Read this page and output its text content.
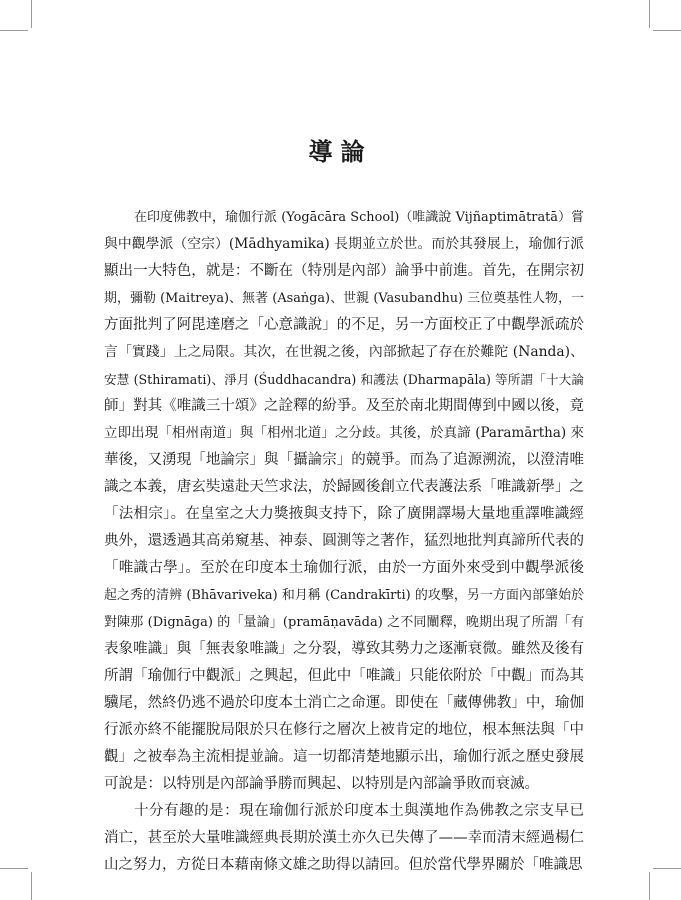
導論
在印度佛教中，瑜伽行派 (Yogācāra School)（唯識說 Vijñaptimātratā）嘗
與中觀學派（空宗）(Mādhyamika) 長期並立於世。而於其發展上，瑜伽行派
顯出一大特色，就是：不斷在（特別是內部）論爭中前進。首先，在開宗初
期，彌勒 (Maitreya)、無著 (Asaṅga)、世親 (Vasubandhu) 三位奠基性人物，一
方面批判了阿毘達磨之「心意識說」的不足，另一方面校正了中觀學派疏於
言「實踐」上之局限。其次，在世親之後，內部掀起了存在於難陀 (Nanda)、
安慧 (Sthiramati)、淨月 (Śuddhacandra) 和護法 (Dharmapāla) 等所謂「十大論
師」對其《唯識三十頌》之詮釋的紛爭。及至於南北期間傳到中國以後，竟
立即出現「相州南道」與「相州北道」之分歧。其後，於真諦 (Paramārtha) 來
華後，又湧現「地論宗」與「攝論宗」的競爭。而為了追源溯流，以澄清唯
識之本義，唐玄奘遠赴天竺求法，於歸國後創立代表護法系「唯識新學」之
「法相宗」。在皇室之大力獎掖與支持下，除了廣開譯場大量地重譯唯識經
典外，還透過其高弟窺基、神泰、圓測等之著作，猛烈地批判真諦所代表的
「唯識古學」。至於在印度本土瑜伽行派，由於一方面外來受到中觀學派後
起之秀的清辨 (Bhāvariveka) 和月稱 (Candrakīrti) 的攻擊，另一方面內部肇始於
對陳那 (Dignāga) 的「量論」(pramāṇavāda) 之不同闡釋，晚期出現了所謂「有
表象唯識」與「無表象唯識」之分裂，導致其勢力之逐漸衰微。雖然及後有
所謂「瑜伽行中觀派」之興起，但此中「唯識」只能依附於「中觀」而為其
驥尾，然終仍逃不過於印度本土消亡之命運。即使在「藏傳佛教」中，瑜伽
行派亦終不能擺脫局限於只在修行之層次上被肯定的地位，根本無法與「中
觀」之被奉為主流相提並論。這一切都清楚地顯示出，瑜伽行派之歷史發展
可說是：以特別是內部論爭勝而興起、以特別是內部論爭敗而衰滅。
十分有趣的是：現在瑜伽行派於印度本土與漢地作為佛教之宗支早已
消亡，甚至於大量唯識經典長期於漢土亦久已失傳了——幸而清末經過楊仁
山之努力，方從日本藉南條文雄之助得以請回。但於當代學界關於「唯識思
